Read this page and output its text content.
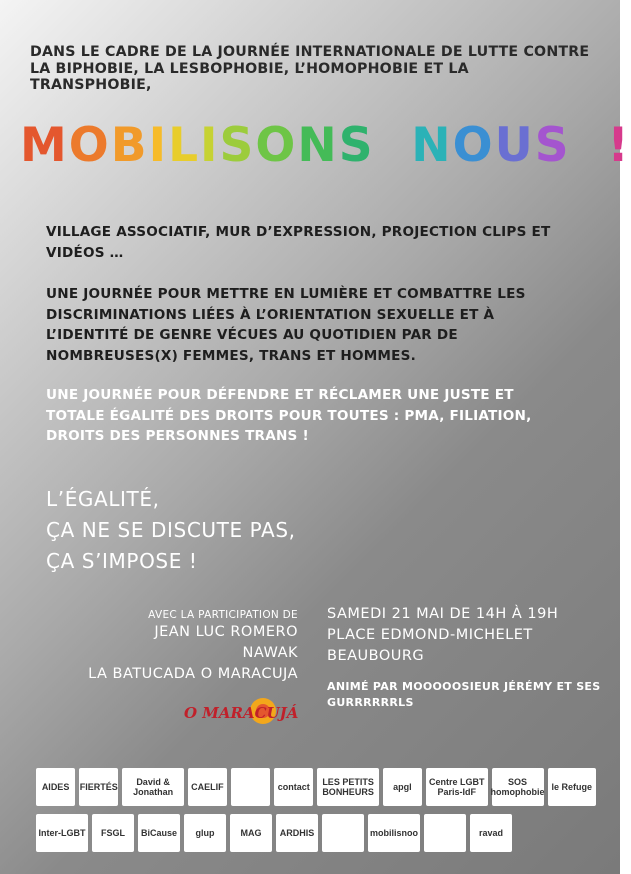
DANS LE CADRE DE LA JOURNÉE INTERNATIONALE DE LUTTE CONTRE LA BIPHOBIE, LA LESBOPHOBIE, L’HOMOPHOBIE ET LA TRANSPHOBIE,
MOBILISONS NOUS !
VILLAGE ASSOCIATIF, MUR D’EXPRESSION, PROJECTION CLIPS ET VIDÉOS …
UNE JOURNÉE POUR METTRE EN LUMIÈRE ET COMBATTRE LES DISCRIMINATIONS LIÉES À L’ORIENTATION SEXUELLE ET À L’IDENTITÉ DE GENRE VÉCUES AU QUOTIDIEN PAR DE NOMBREUSES(X) FEMMES, TRANS ET HOMMES.
UNE JOURNÉE POUR DÉFENDRE ET RÉCLAMER UNE JUSTE ET TOTALE ÉGALITÉ DES DROITS POUR TOUTES : PMA, FILIATION, DROITS DES PERSONNES TRANS !
L’ÉGALITÉ,
ÇA NE SE DISCUTE PAS,
ÇA S’IMPOSE !
AVEC LA PARTICIPATION DE
JEAN LUC ROMERO
NAWAK
LA BATUCADA O MARACUJA
SAMEDI 21 MAI DE 14H À 19H
PLACE EDMOND-MICHELET
BEAUBOURG
ANIMÉ PAR MOOOOOSIEUR JÉRÉMY ET SES GURRRRRRLS
O MARACUJÁ
AIDES	FIERTÉS	David & Jonathan	CAELIF	contact	LES PETITS BONHEURS	apgl	Centre LGBT Paris-IdF
SOS homophobie le Refuge
Inter-LGBT	FSGL	BiCause	glup	MAG	ARDHIS	mobilisnoo	ravad
